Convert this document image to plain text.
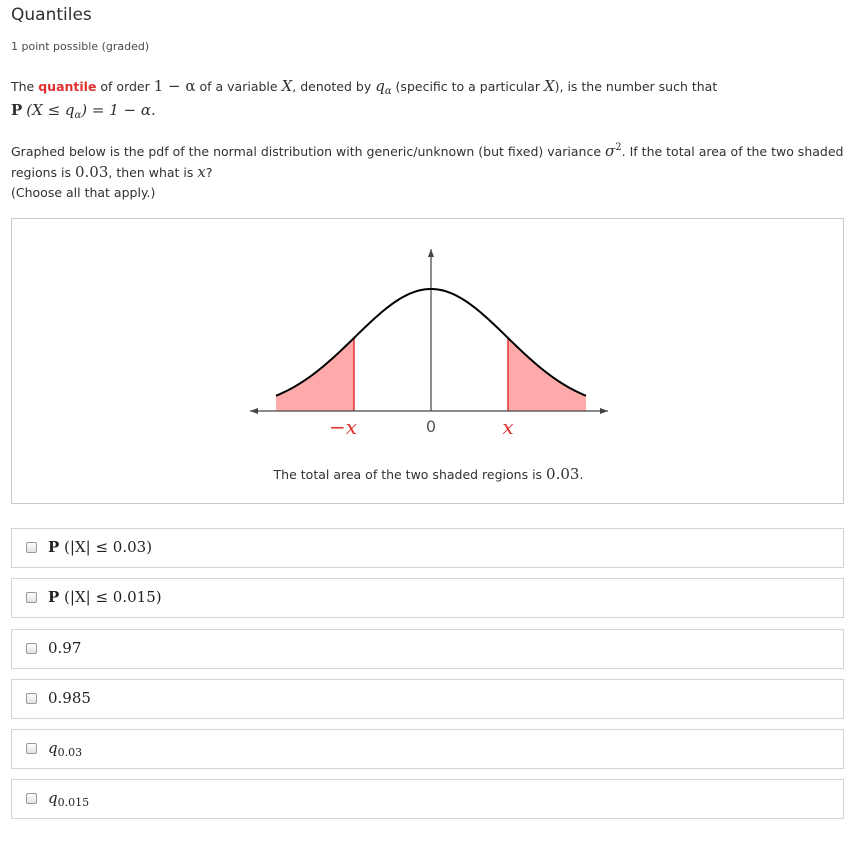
Quantiles
1 point possible (graded)
The quantile of order 1 − α of a variable X, denoted by $q_\alpha$ (specific to a particular X), is the number such that
P $(X \le q_\alpha) = 1 - \alpha$.
Graphed below is the pdf of the normal distribution with generic/unknown (but fixed) variance $\sigma^2$. If the total area of the two shaded regions is 0.03, then what is x?
(Choose all that apply.)
−x	0	x
The total area of the two shaded regions is 0.03.
P (|X| ≤ 0.03)
P (|X| ≤ 0.015)
0.97
0.985
$q_{0.03}$
$q_{0.015}$
